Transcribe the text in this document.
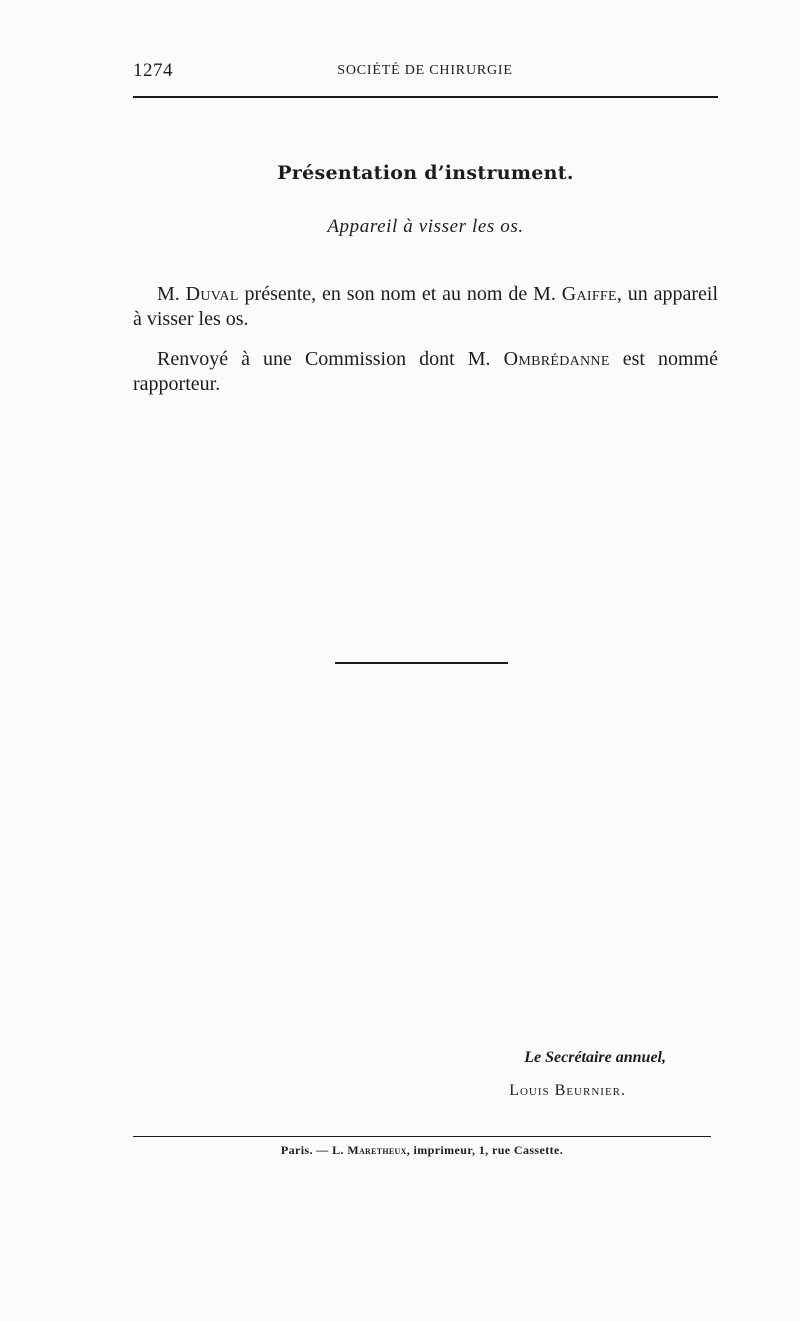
1274	SOCIÉTÉ DE CHIRURGIE
Présentation d’instrument.
Appareil à visser les os.

M. Duval présente, en son nom et au nom de M. Gaiffe, un appareil à visser les os.

Renvoyé à une Commission dont M. Ombrédanne est nommé rapporteur.

Le Secrétaire annuel,
Louis Beurnier.
Paris. — L. Maretheux, imprimeur, 1, rue Cassette.
